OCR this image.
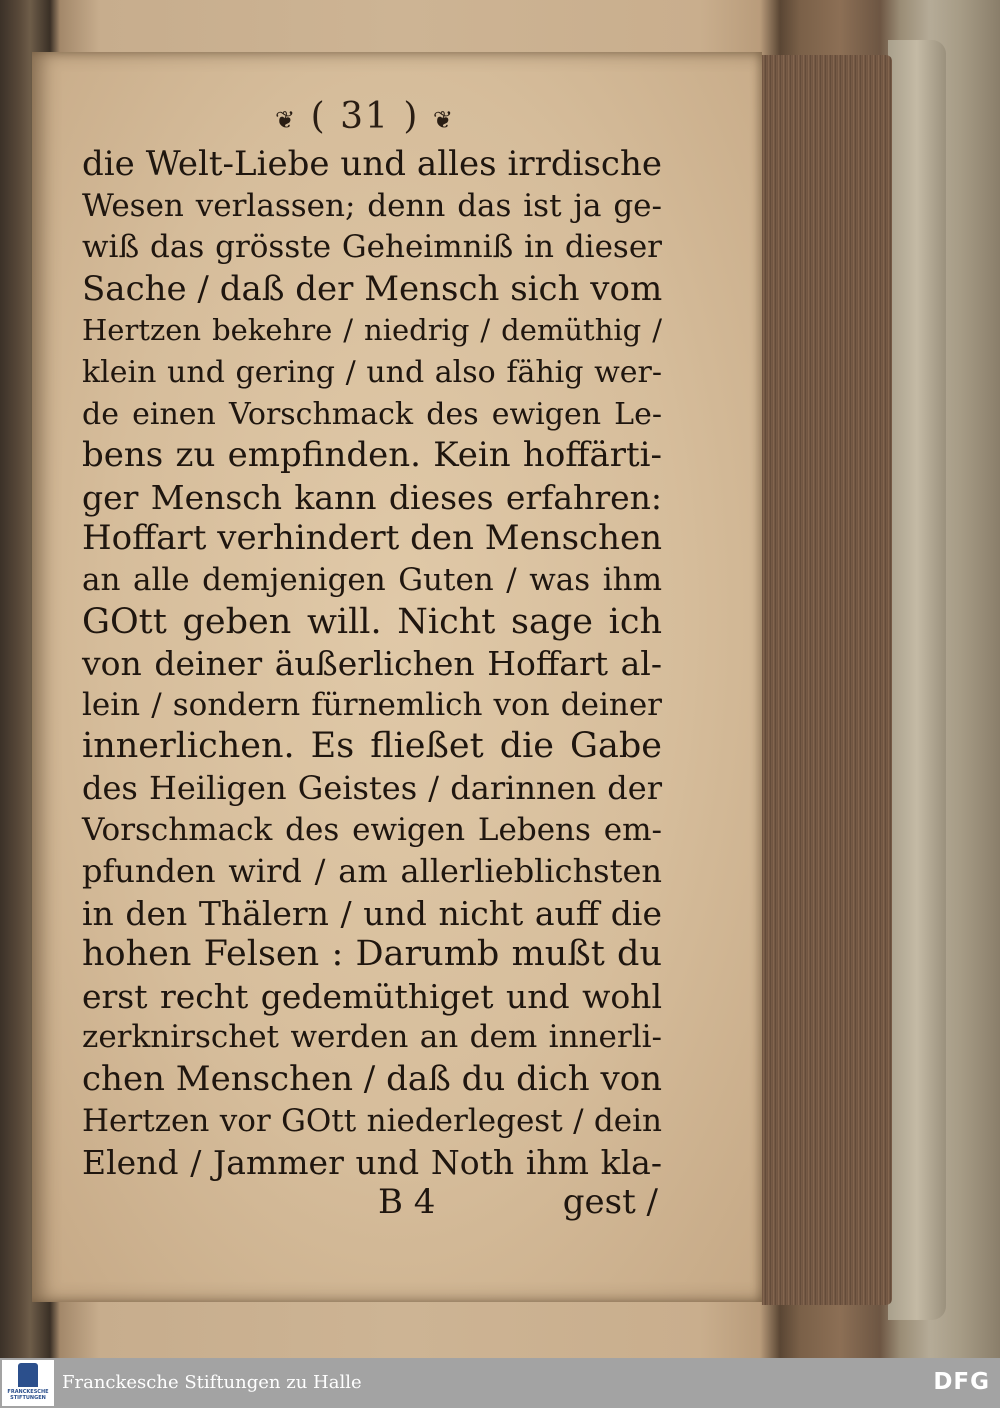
❦ ( 31 ) ❦
die Welt-Liebe und alles irrdische
Wesen verlassen; denn das ist ja ge-
wiß das grösste Geheimniß in dieser
Sache / daß der Mensch sich vom
Hertzen bekehre / niedrig / demüthig /
klein und gering / und also fähig wer-
de einen Vorschmack des ewigen Le-
bens zu empfinden. Kein hoffärti-
ger Mensch kann dieses erfahren:
Hoffart verhindert den Menschen
an alle demjenigen Guten / was ihm
GOtt geben will. Nicht sage ich
von deiner äußerlichen Hoffart al-
lein / sondern fürnemlich von deiner
innerlichen. Es fließet die Gabe
des Heiligen Geistes / darinnen der
Vorschmack des ewigen Lebens em-
pfunden wird / am allerlieblichsten
in den Thälern / und nicht auff die
hohen Felsen : Darumb mußt du
erst recht gedemüthiget und wohl
zerknirschet werden an dem innerli-
chen Menschen / daß du dich von
Hertzen vor GOtt niederlegest / dein
Elend / Jammer und Noth ihm kla-
B 4	gest /
FRANCKESCHE STIFTUNGEN
Franckesche Stiftungen zu Halle	DFG
